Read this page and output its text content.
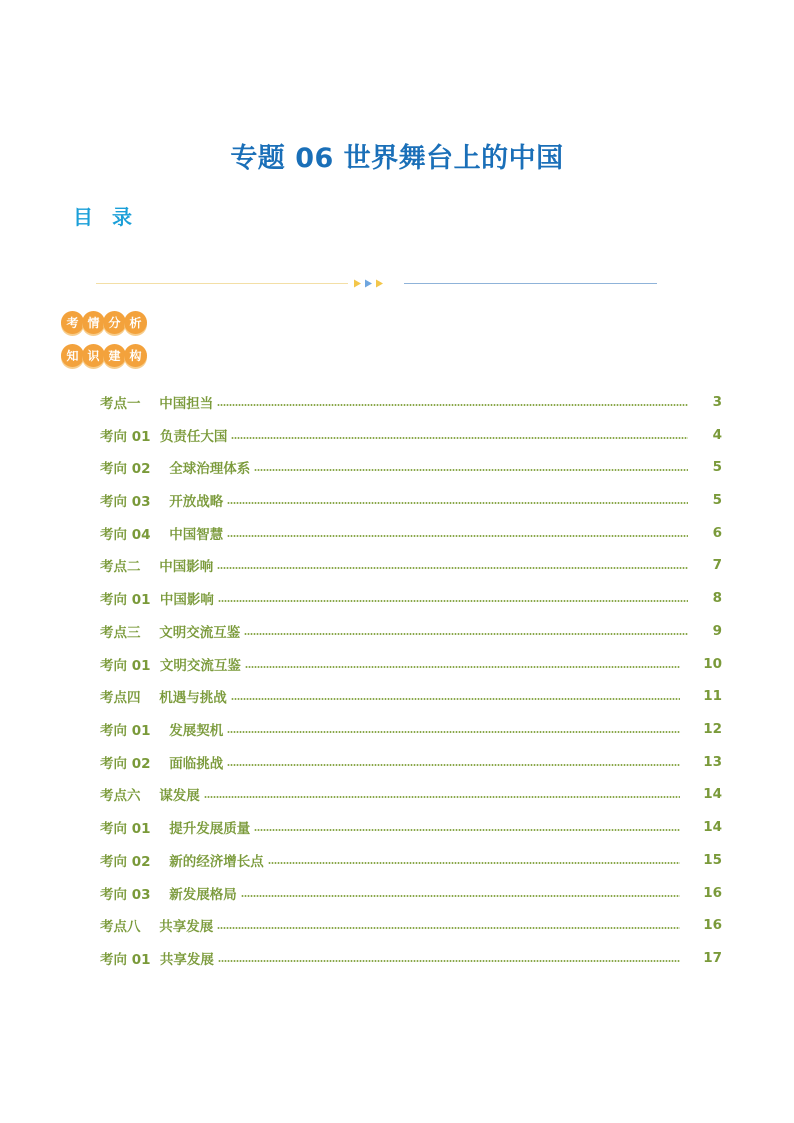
专题 06 世界舞台上的中国
目 录
考 情 分 析
知 识 建 构
考点一    中国担当	3
考向 01  负责任大国	4
考向 02    全球治理体系	5
考向 03    开放战略	5
考向 04    中国智慧	6
考点二    中国影响	7
考向 01  中国影响	8
考点三    文明交流互鉴	9
考向 01  文明交流互鉴	10
考点四    机遇与挑战	11
考向 01    发展契机	12
考向 02    面临挑战	13
考点六    谋发展	14
考向 01    提升发展质量	14
考向 02    新的经济增长点	15
考向 03    新发展格局	16
考点八    共享发展	16
考向 01  共享发展	17
